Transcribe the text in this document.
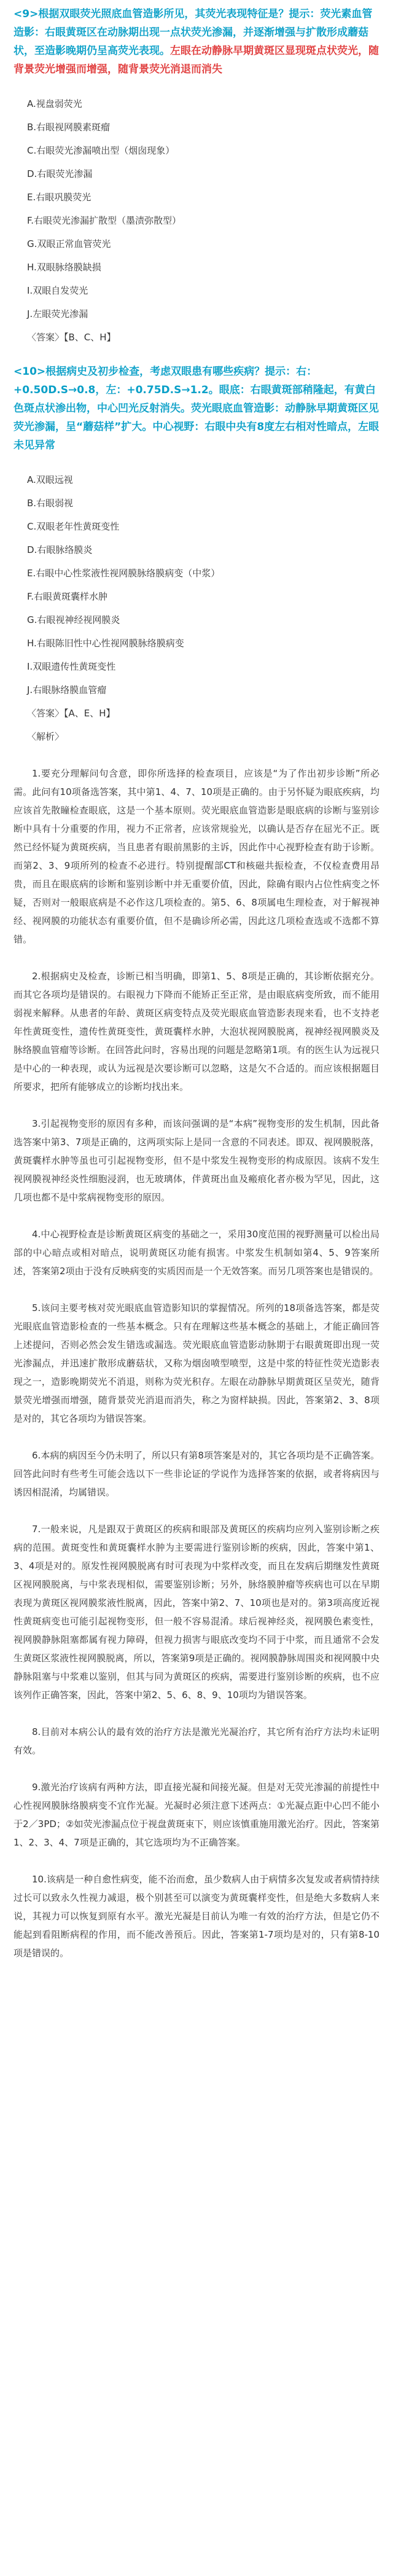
<9>根据双眼荧光照底血管造影所见，其荧光表现特征是？提示：荧光素血管造影：右眼黄斑区在动脉期出现一点状荧光渗漏，并逐渐增强与扩散形成蘑菇状，至造影晚期仍呈高荧光表现。左眼在动静脉早期黄斑区显现斑点状荧光，随背景荧光增强而增强，随背景荧光消退而消失
A.视盘弱荧光
B.右眼视网膜素斑瘤
C.右眼荧光渗漏喷出型（烟囱现象）
D.右眼荧光渗漏
E.右眼巩膜荧光
F.右眼荧光渗漏扩散型（墨渍弥散型）
G.双眼正常血管荧光
H.双眼脉络膜缺损
I.双眼自发荧光
J.左眼荧光渗漏
〈答案〉【B、C、H】
<10>根据病史及初步检查，考虑双眼患有哪些疾病？提示：右：+0.50D.S→0.8，左：+0.75D.S→1.2。眼底：右眼黄斑部稍隆起，有黄白色斑点状渗出物，中心凹光反射消失。荧光眼底血管造影：动静脉早期黄斑区见荧光渗漏，呈“蘑菇样”扩大。中心视野：右眼中央有8度左右相对性暗点，左眼未见异常
A.双眼远视
B.右眼弱视
C.双眼老年性黄斑变性
D.右眼脉络膜炎
E.右眼中心性浆液性视网膜脉络膜病变（中浆）
F.右眼黄斑囊样水肿
G.右眼视神经视网膜炎
H.右眼陈旧性中心性视网膜脉络膜病变
I.双眼遗传性黄斑变性
J.右眼脉络膜血管瘤
〈答案〉【A、E、H】
〈解析〉

1.要充分理解问句含意，即你所选择的检查项目，应该是“为了作出初步诊断”所必需。此问有10项备选答案，其中第1、4、7、10项是正确的。由于另怀疑为眼底疾病，均应该首先散瞳检查眼底，这是一个基本原则。荧光眼底血管造影是眼底病的诊断与鉴别诊断中具有十分重要的作用，视力不正常者，应该常规验光，以确认是否存在屈光不正。既然已经怀疑为黄斑疾病，当且患者有眼前黑影的主诉，因此作中心视野检查有助于诊断。而第2、3、9项所列的检查不必进行。特别提醒部CT和核磁共振检查，不仅检查费用昂贵，而且在眼底病的诊断和鉴别诊断中并无重要价值，因此，除确有眼内占位性病变之怀疑，否则对一般眼底病是不必作这几项检查的。第5、6、8项属电生理检查，对于解视神经、视网膜的功能状态有重要价值，但不是确诊所必需，因此这几项检查选或不选都不算错。

2.根据病史及检查，诊断已相当明确，即第1、5、8项是正确的，其诊断依据充分。而其它各项均是错误的。右眼视力下降而不能矫正至正常，是由眼底病变所致，而不能用弱视来解释。从患者的年龄、黄斑区病变特点及荧光眼底血管造影表现来看，也不支持老年性黄斑变性，遗传性黄斑变性，黄斑囊样水肿，大泡状视网膜脱离，视神经视网膜炎及脉络膜血管瘤等诊断。在回答此问时，容易出现的问题是忽略第1项。有的医生认为远视只是中心的一种表现，或认为远视是次要诊断可以忽略，这是欠不合适的。而应该根据题目所要求，把所有能够成立的诊断均找出来。

3.引起视物变形的原因有多种，而该问强调的是“本病”视物变形的发生机制，因此备选答案中第3、7项是正确的，这两项实际上是同一含意的不同表述。即双、视网膜脱落，黄斑囊样水肿等虽也可引起视物变形，但不是中浆发生视物变形的构成原因。该病不发生视网膜视神经炎性细胞浸润，也无玻璃体，伴黄斑出血及瘢痕化者亦极为罕见，因此，这几项也都不是中浆病视物变形的原因。

4.中心视野检查是诊断黄斑区病变的基础之一，采用30度范围的视野测量可以检出局部的中心暗点或相对暗点，说明黄斑区功能有损害。中浆发生机制如第4、5、9答案所述，答案第2项由于没有反映病变的实质因而是一个无效答案。而另几项答案也是错误的。

5.该问主要考核对荧光眼底血管造影知识的掌握情况。所列的18项备选答案，都是荧光眼底血管造影检查的一些基本概念。只有在理解这些基本概念的基础上，才能正确回答上述提问，否则必然会发生错选或漏选。荧光眼底血管造影动脉期于右眼黄斑即出现一荧光渗漏点，并迅速扩散形成蘑菇状，又称为烟囱喷型喷型，这是中浆的特征性荧光造影表现之一，造影晚期荧光不消退，则称为荧光积存。左眼在动静脉早期黄斑区呈荧光，随背景荧光增强而增强，随背景荧光消退而消失，称之为窗样缺损。因此，答案第2、3、8项是对的，其它各项均为错误答案。

6.本病的病因至今仍未明了，所以只有第8项答案是对的，其它各项均是不正确答案。回答此问时有些考生可能会选以下一些非论证的学说作为选择答案的依据，或者将病因与诱因相混淆，均属错误。

7.一般来说，凡是跟双于黄斑区的疾病和眼部及黄斑区的疾病均应列入鉴别诊断之疾病的范围。黄斑变性和黄斑囊样水肿为主要需进行鉴别诊断的疾病，因此，答案中第1、3、4项是对的。原发性视网膜脱离有时可表现为中浆样改变，而且在发病后期继发性黄斑区视网膜脱离，与中浆表现相似，需要鉴别诊断；另外，脉络膜肿瘤等疾病也可以在早期表现为黄斑区视网膜浆液性脱离，因此，答案中第2、7、10项也是对的。第3项高度近视性黄斑病变也可能引起视物变形，但一般不容易混淆。球后视神经炎，视网膜色素变性，视网膜静脉阻塞都属有视力障碍，但视力损害与眼底改变均不同于中浆，而且通常不会发生黄斑区浆液性视网膜脱离，所以，答案第9项是正确的。视网膜静脉周围炎和视网膜中央静脉阻塞与中浆难以鉴别，但其与同为黄斑区的疾病，需要进行鉴别诊断的疾病，也不应该列作正确答案，因此，答案中第2、5、6、8、9、10项均为错误答案。

8.目前对本病公认的最有效的治疗方法是激光光凝治疗，其它所有治疗方法均未证明有效。

9.激光治疗该病有两种方法，即直接光凝和间接光凝。但是对无荧光渗漏的前提性中心性视网膜脉络膜病变不宜作光凝。光凝时必须注意下述两点：①光凝点距中心凹不能小于2／3PD；②如荧光渗漏点位于视盘黄斑束下，则应该慎重施用激光治疗。因此，答案第1、2、3、4、7项是正确的，其它选项均为不正确答案。

10.该病是一种自愈性病变，能不治而愈，虽少数病人由于病情多次复发或者病情持续过长可以致永久性视力减退，极个别甚至可以演变为黄斑囊样变性，但是绝大多数病人来说，其视力可以恢复到原有水平。激光光凝是目前认为唯一有效的治疗方法，但是它仍不能起到看阻断病程的作用，而不能改善预后。因此，答案第1-7项均是对的，只有第8-10项是错误的。
